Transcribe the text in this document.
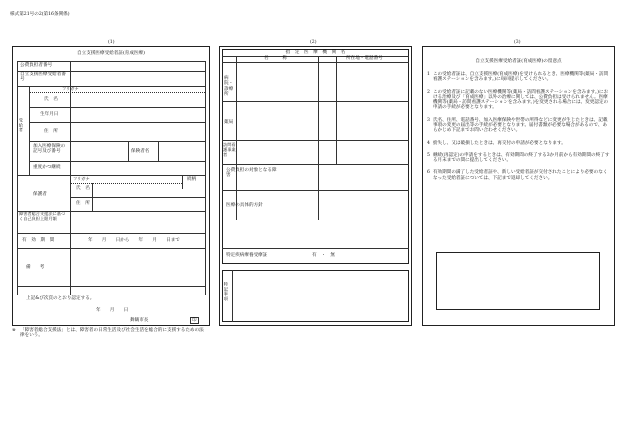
様式第21号の2(第16条関係)
(1)	(2)	(3)
自立支援医療受給者証(育成医療)
公費負担者番号
自立支援医療受給者番号
受給者
フリガナ
氏　名
生年月日
住　所
加入医療保険の記号及び番号	保険者名
重度かつ継続
保護者
フリガナ	続柄
氏　名
住　所
障害者総合支援法に基づく自己負担上限月額
有　効　期　間	年　　月　　日から　　年　　月　　日まで
備　　考
上記&び次頁のとおり認定する。
年　　月　　日
舞鶴市長	印
※ 「障害者総合支援法」とは、障害者の日常生活及び社会生活を総合的に支援するための法律をいう。
指　定　医　療　機　関　名
名　　　称	所在地・電話番号
病院・診療所
薬局
訪問看護事業者
公費負担の対象となる障害
医療の具体的方針
特定疾病療養受療証	有　・　無
特記事項
自立支援医療受給者証(育成医療)の留意点
1 この受給者証は、自立支援医療(育成医療)を受けられるとき、医療機関等(薬局・訪問看護ステーションを含みます。)に毎回提示してください。
2 この受給者証に記載のない医療機関等(薬局・訪問看護ステーションを含みます。)における治療及び「育成医療」以外の治療に関しては、公費負担は受けられません。医療機関等(薬局・訪問看護ステーションを含みます。)を変更される場合には、変更認定の申請の手続が必要となります。
3 氏名、住所、電話番号、加入医療保険や世帯の所得などに変更が生じたときは、記載事項の変更の届出等の手続が必要となります。届付書類が必要な場合があるので、あらかじめ下記までお問い合わせください。
4 紛失し、又は破損したときは、再交付の申請が必要となります。
5 継続(再認定)の申請をするときは、有効期間の終了する3か月前から有効期間の終了する月末までの間に提出してください。
6 有効期間の満了した受給者証や、新しい受給者証が交付されたことにより必要のなくなった受給者証については、下記まで返却してください。
